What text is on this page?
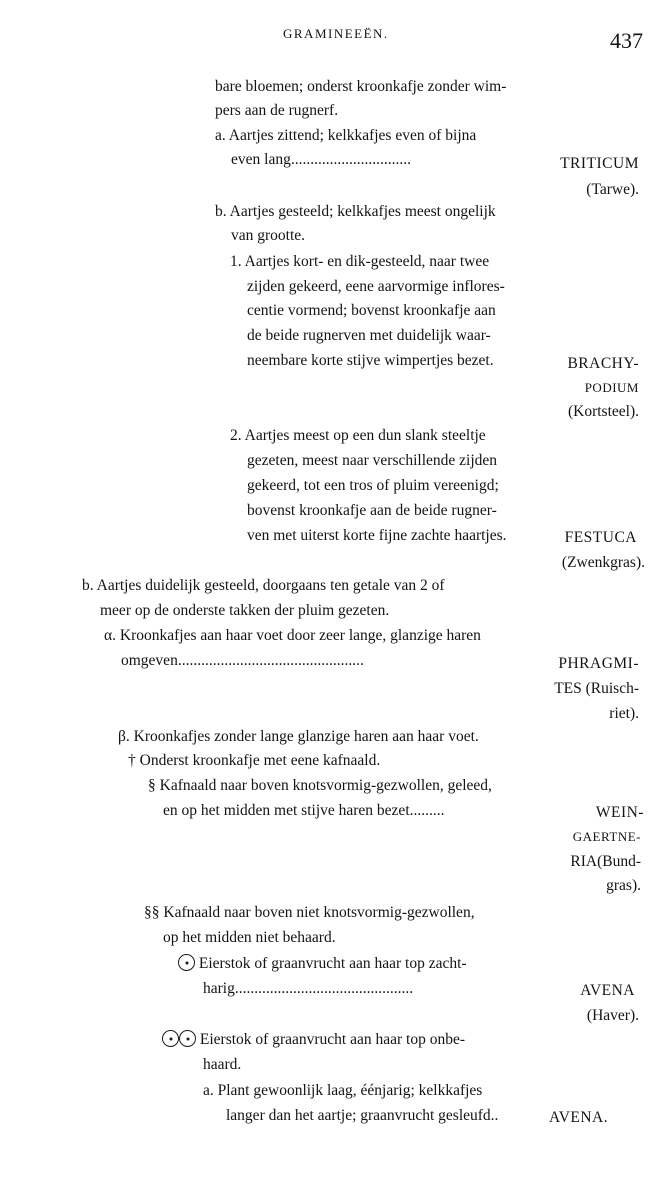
GRAMINEEËN.	437
bare bloemen; onderst kroonkafje zonder wim-
pers aan de rugnerf.
a. Aartjes zittend; kelkkafjes even of bijna
even lang...............................	TRITICUM
(Tarwe).
b. Aartjes gesteeld; kelkkafjes meest ongelijk
van grootte.
1. Aartjes kort- en dik-gesteeld, naar twee
zijden gekeerd, eene aarvormige inflores-
centie vormend; bovenst kroonkafje aan
de beide rugnerven met duidelijk waar-
neembare korte stijve wimpertjes bezet.	BRACHY-
PODIUM
(Kortsteel).
2. Aartjes meest op een dun slank steeltje
gezeten, meest naar verschillende zijden
gekeerd, tot een tros of pluim vereenigd;
bovenst kroonkafje aan de beide rugner-
ven met uiterst korte fijne zachte haartjes.	FESTUCA
(Zwenkgras).
b. Aartjes duidelijk gesteeld, doorgaans ten getale van 2 of
meer op de onderste takken der pluim gezeten.
α. Kroonkafjes aan haar voet door zeer lange, glanzige haren
omgeven................................................	PHRAGMI-
TES (Ruisch-
riet).
β. Kroonkafjes zonder lange glanzige haren aan haar voet.
† Onderst kroonkafje met eene kafnaald.
§ Kafnaald naar boven knotsvormig-gezwollen, geleed,
en op het midden met stijve haren bezet.........	WEIN-
GAERTNE-
RIA(Bund-
gras).
§§ Kafnaald naar boven niet knotsvormig-gezwollen,
op het midden niet behaard.
Eierstok of graanvrucht aan haar top zacht-
harig..............................................	AVENA
(Haver).
Eierstok of graanvrucht aan haar top onbe-
haard.
a. Plant gewoonlijk laag, éénjarig; kelkkafjes
langer dan het aartje; graanvrucht gesleufd..	AVENA.
